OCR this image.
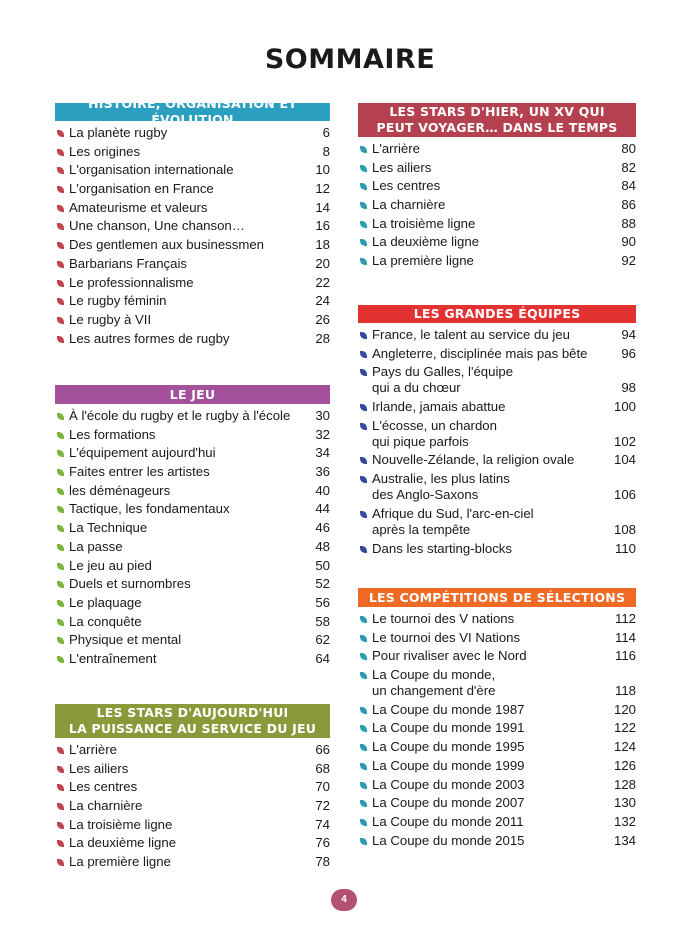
SOMMAIRE
HISTOIRE, ORGANISATION ET ÉVOLUTION
La planète rugby	6
Les origines	8
L'organisation internationale	10
L'organisation en France	12
Amateurisme et valeurs	14
Une chanson, Une chanson…	16
Des gentlemen aux businessmen	18
Barbarians Français	20
Le professionnalisme	22
Le rugby féminin	24
Le rugby à VII	26
Les autres formes de rugby	28
LE JEU
À l'école du rugby et le rugby à l'école	30
Les formations	32
L'équipement aujourd'hui	34
Faites entrer les artistes	36
les déménageurs	40
Tactique, les fondamentaux	44
La Technique	46
La passe	48
Le jeu au pied	50
Duels et surnombres	52
Le plaquage	56
La conquête	58
Physique et mental	62
L'entraînement	64
LES STARS D'AUJOURD'HUI
LA PUISSANCE AU SERVICE DU JEU
L'arrière	66
Les ailiers	68
Les centres	70
La charnière	72
La troisième ligne	74
La deuxième ligne	76
La première ligne	78
LES STARS D'HIER, UN XV QUI
PEUT VOYAGER… DANS LE TEMPS
L'arrière	80
Les ailiers	82
Les centres	84
La charnière	86
La troisième ligne	88
La deuxième ligne	90
La première ligne	92
LES GRANDES ÉQUIPES
France, le talent au service du jeu	94
Angleterre, disciplinée mais pas bête	96
Pays du Galles, l'équipe
qui a du chœur	98
Irlande, jamais abattue	100
L'écosse, un chardon
qui pique parfois	102
Nouvelle-Zélande, la religion ovale	104
Australie, les plus latins
des Anglo-Saxons	106
Afrique du Sud, l'arc-en-ciel
après la tempête	108
Dans les starting-blocks	110
LES COMPÉTITIONS DE SÉLECTIONS
Le tournoi des V nations	112
Le tournoi des VI Nations	114
Pour rivaliser avec le Nord	116
La Coupe du monde,
un changement d'ère	118
La Coupe du monde 1987	120
La Coupe du monde 1991	122
La Coupe du monde 1995	124
La Coupe du monde 1999	126
La Coupe du monde 2003	128
La Coupe du monde 2007	130
La Coupe du monde 2011	132
La Coupe du monde 2015	134
4
